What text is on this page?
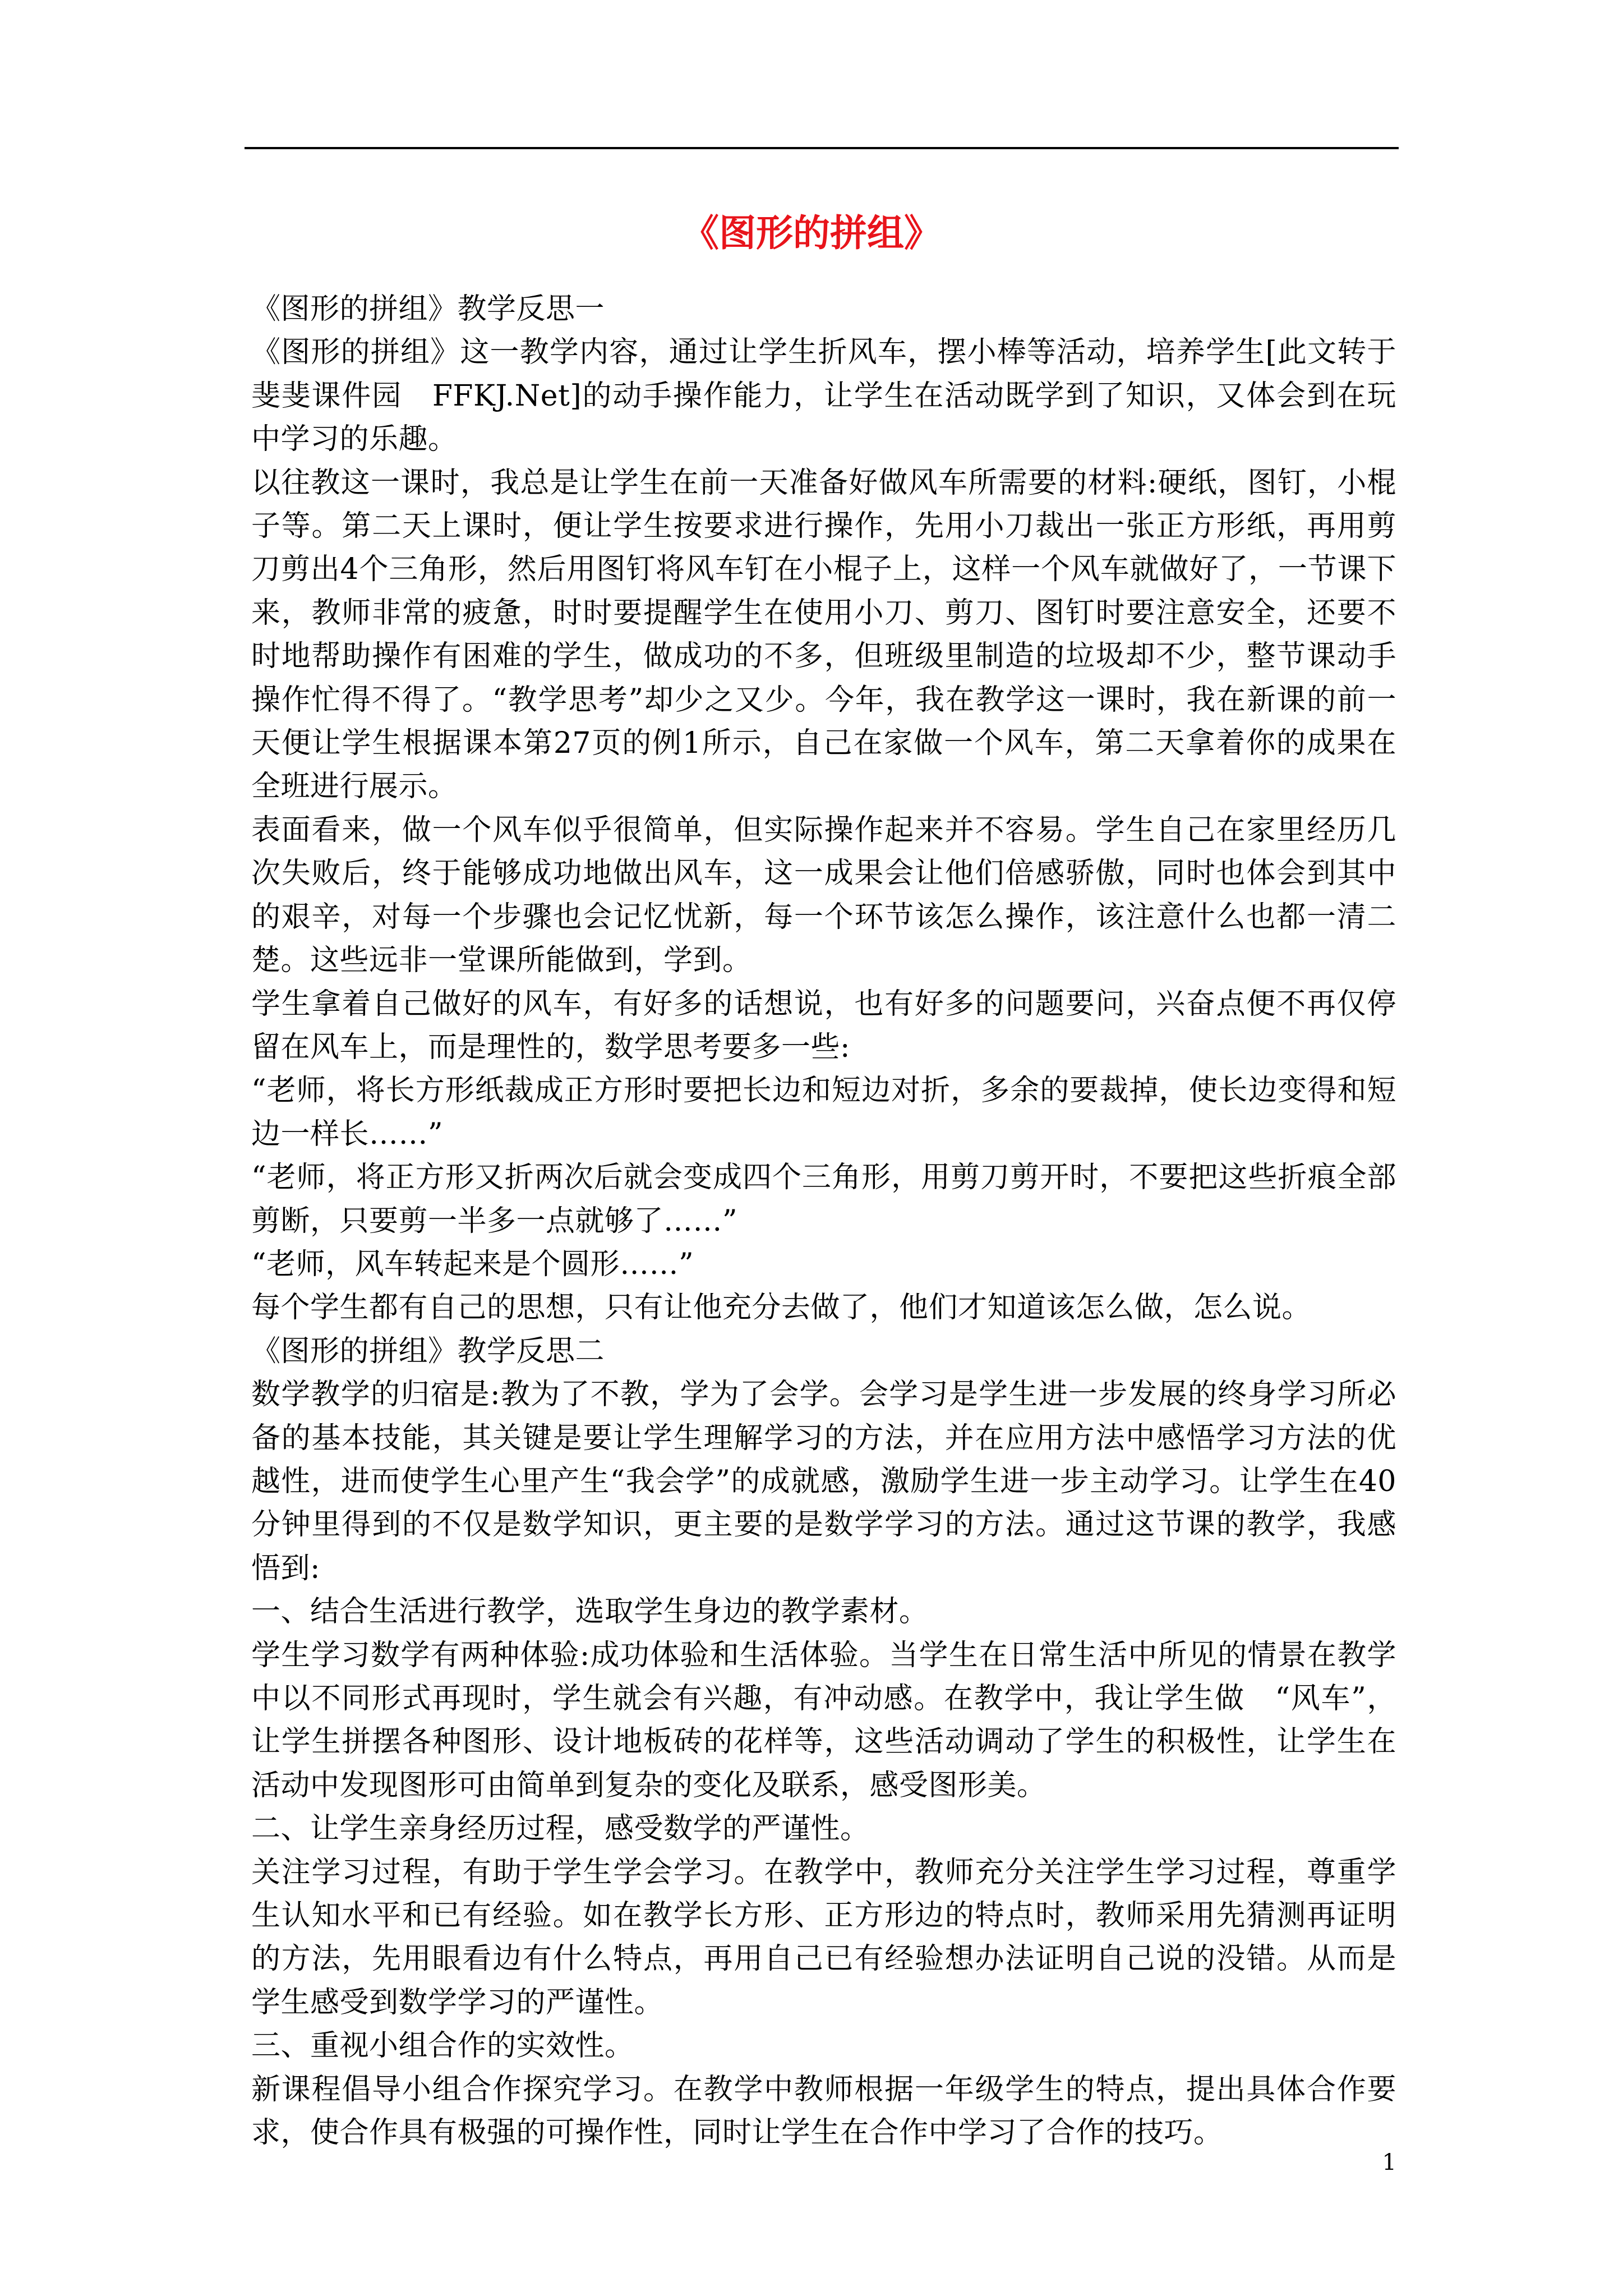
《图形的拼组》

《图形的拼组》教学反思一

《图形的拼组》这一教学内容，通过让学生折风车，摆小棒等活动，培养学生[此文转于斐斐课件园　FFKJ.Net]的动手操作能力，让学生在活动既学到了知识，又体会到在玩中学习的乐趣。

以往教这一课时，我总是让学生在前一天准备好做风车所需要的材料:硬纸，图钉，小棍子等。第二天上课时，便让学生按要求进行操作，先用小刀裁出一张正方形纸，再用剪刀剪出4个三角形，然后用图钉将风车钉在小棍子上，这样一个风车就做好了，一节课下来，教师非常的疲惫，时时要提醒学生在使用小刀、剪刀、图钉时要注意安全，还要不时地帮助操作有困难的学生，做成功的不多，但班级里制造的垃圾却不少，整节课动手操作忙得不得了。“教学思考”却少之又少。今年，我在教学这一课时，我在新课的前一天便让学生根据课本第27页的例1所示，自己在家做一个风车，第二天拿着你的成果在全班进行展示。

表面看来，做一个风车似乎很简单，但实际操作起来并不容易。学生自己在家里经历几次失败后，终于能够成功地做出风车，这一成果会让他们倍感骄傲，同时也体会到其中的艰辛，对每一个步骤也会记忆忧新，每一个环节该怎么操作，该注意什么也都一清二楚。这些远非一堂课所能做到，学到。

学生拿着自己做好的风车，有好多的话想说，也有好多的问题要问，兴奋点便不再仅停留在风车上，而是理性的，数学思考要多一些:

“老师，将长方形纸裁成正方形时要把长边和短边对折，多余的要裁掉，使长边变得和短边一样长……”

“老师，将正方形又折两次后就会变成四个三角形，用剪刀剪开时，不要把这些折痕全部剪断，只要剪一半多一点就够了……”

“老师，风车转起来是个圆形……”

每个学生都有自己的思想，只有让他充分去做了，他们才知道该怎么做，怎么说。

《图形的拼组》教学反思二

数学教学的归宿是:教为了不教，学为了会学。会学习是学生进一步发展的终身学习所必备的基本技能，其关键是要让学生理解学习的方法，并在应用方法中感悟学习方法的优越性，进而使学生心里产生“我会学”的成就感，激励学生进一步主动学习。让学生在40分钟里得到的不仅是数学知识，更主要的是数学学习的方法。通过这节课的教学，我感悟到:

一、结合生活进行教学，选取学生身边的教学素材。

学生学习数学有两种体验:成功体验和生活体验。当学生在日常生活中所见的情景在教学中以不同形式再现时，学生就会有兴趣，有冲动感。在教学中，我让学生做　“风车”，让学生拼摆各种图形、设计地板砖的花样等，这些活动调动了学生的积极性，让学生在活动中发现图形可由简单到复杂的变化及联系，感受图形美。

二、让学生亲身经历过程，感受数学的严谨性。

关注学习过程，有助于学生学会学习。在教学中，教师充分关注学生学习过程，尊重学生认知水平和已有经验。如在教学长方形、正方形边的特点时，教师采用先猜测再证明的方法，先用眼看边有什么特点，再用自己已有经验想办法证明自己说的没错。从而是学生感受到数学学习的严谨性。

三、重视小组合作的实效性。

新课程倡导小组合作探究学习。在教学中教师根据一年级学生的特点，提出具体合作要求，使合作具有极强的可操作性，同时让学生在合作中学习了合作的技巧。

1
